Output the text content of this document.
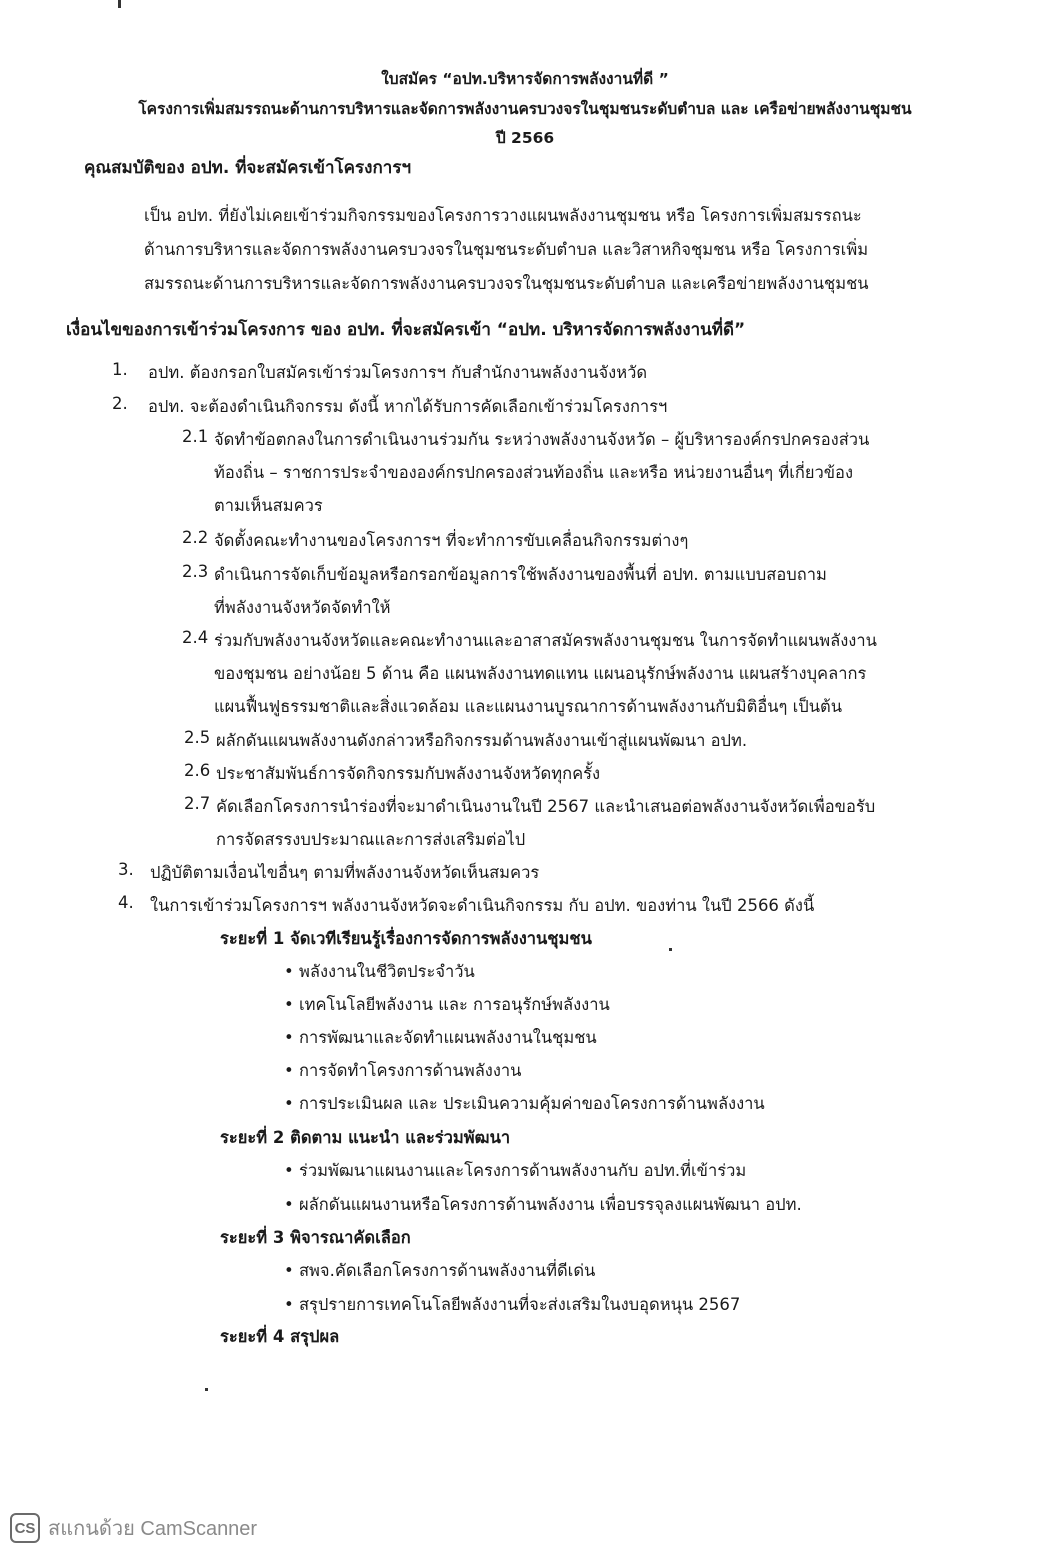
ใบสมัคร “อปท.บริหารจัดการพลังงานที่ดี ”
โครงการเพิ่มสมรรถนะด้านการบริหารและจัดการพลังงานครบวงจรในชุมชนระดับตำบล และ เครือข่ายพลังงานชุมชน
ปี 2566
คุณสมบัติของ อปท. ที่จะสมัครเข้าโครงการฯ
เป็น อปท. ที่ยังไม่เคยเข้าร่วมกิจกรรมของโครงการวางแผนพลังงานชุมชน หรือ โครงการเพิ่มสมรรถนะ
ด้านการบริหารและจัดการพลังงานครบวงจรในชุมชนระดับตำบล และวิสาหกิจชุมชน หรือ โครงการเพิ่ม
สมรรถนะด้านการบริหารและจัดการพลังงานครบวงจรในชุมชนระดับตำบล และเครือข่ายพลังงานชุมชน
เงื่อนไขของการเข้าร่วมโครงการ ของ อปท. ที่จะสมัครเข้า “อปท. บริหารจัดการพลังงานที่ดี”
1. อปท. ต้องกรอกใบสมัครเข้าร่วมโครงการฯ กับสำนักงานพลังงานจังหวัด
2. อปท. จะต้องดำเนินกิจกรรม ดังนี้ หากได้รับการคัดเลือกเข้าร่วมโครงการฯ
2.1 จัดทำข้อตกลงในการดำเนินงานร่วมกัน ระหว่างพลังงานจังหวัด – ผู้บริหารองค์กรปกครองส่วน
ท้องถิ่น – ราชการประจำขององค์กรปกครองส่วนท้องถิ่น และหรือ หน่วยงานอื่นๆ ที่เกี่ยวข้อง
ตามเห็นสมควร
2.2 จัดตั้งคณะทำงานของโครงการฯ ที่จะทำการขับเคลื่อนกิจกรรมต่างๆ
2.3 ดำเนินการจัดเก็บข้อมูลหรือกรอกข้อมูลการใช้พลังงานของพื้นที่ อปท. ตามแบบสอบถาม
ที่พลังงานจังหวัดจัดทำให้
2.4 ร่วมกับพลังงานจังหวัดและคณะทำงานและอาสาสมัครพลังงานชุมชน ในการจัดทำแผนพลังงาน
ของชุมชน อย่างน้อย 5 ด้าน คือ แผนพลังงานทดแทน แผนอนุรักษ์พลังงาน แผนสร้างบุคลากร
แผนฟื้นฟูธรรมชาติและสิ่งแวดล้อม และแผนงานบูรณาการด้านพลังงานกับมิติอื่นๆ เป็นต้น
2.5 ผลักดันแผนพลังงานดังกล่าวหรือกิจกรรมด้านพลังงานเข้าสู่แผนพัฒนา อปท.
2.6 ประชาสัมพันธ์การจัดกิจกรรมกับพลังงานจังหวัดทุกครั้ง
2.7 คัดเลือกโครงการนำร่องที่จะมาดำเนินงานในปี 2567 และนำเสนอต่อพลังงานจังหวัดเพื่อขอรับ
การจัดสรรงบประมาณและการส่งเสริมต่อไป
3. ปฏิบัติตามเงื่อนไขอื่นๆ ตามที่พลังงานจังหวัดเห็นสมควร
4. ในการเข้าร่วมโครงการฯ พลังงานจังหวัดจะดำเนินกิจกรรม กับ อปท. ของท่าน ในปี 2566 ดังนี้
ระยะที่ 1 จัดเวทีเรียนรู้เรื่องการจัดการพลังงานชุมชน
• พลังงานในชีวิตประจำวัน
• เทคโนโลยีพลังงาน และ การอนุรักษ์พลังงาน
• การพัฒนาและจัดทำแผนพลังงานในชุมชน
• การจัดทำโครงการด้านพลังงาน
• การประเมินผล และ ประเมินความคุ้มค่าของโครงการด้านพลังงาน
ระยะที่ 2 ติดตาม แนะนำ และร่วมพัฒนา
• ร่วมพัฒนาแผนงานและโครงการด้านพลังงานกับ อปท.ที่เข้าร่วม
• ผลักดันแผนงานหรือโครงการด้านพลังงาน เพื่อบรรจุลงแผนพัฒนา อปท.
ระยะที่ 3 พิจารณาคัดเลือก
• สพจ.คัดเลือกโครงการด้านพลังงานที่ดีเด่น
• สรุปรายการเทคโนโลยีพลังงานที่จะส่งเสริมในงบอุดหนุน 2567
ระยะที่ 4 สรุปผล
CS สแกนด้วย CamScanner
